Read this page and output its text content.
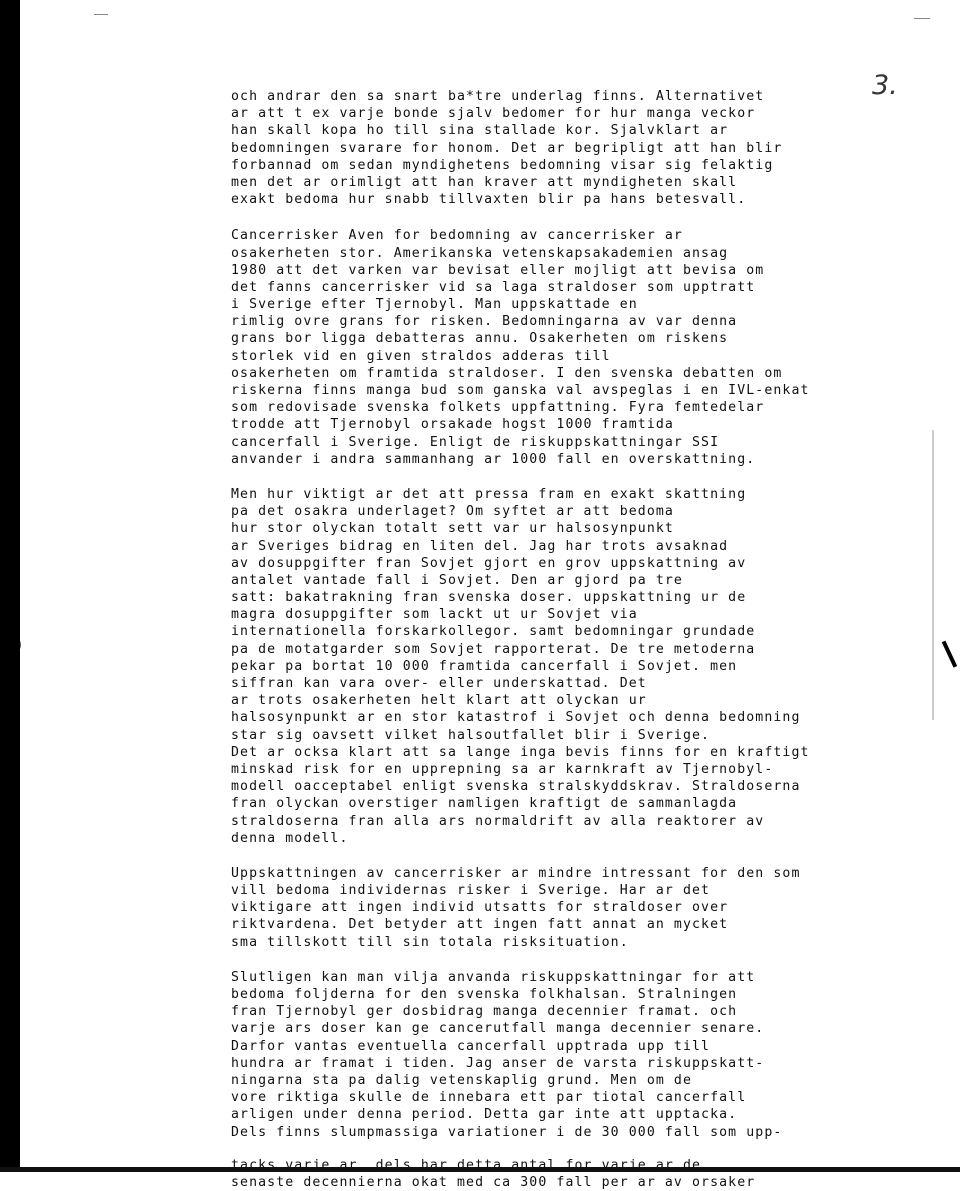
3.
och andrar den sa snart ba*tre underlag finns. Alternativet
ar att t ex varje bonde sjalv bedomer for hur manga veckor
han skall kopa ho till sina stallade kor. Sjalvklart ar
bedomningen svarare for honom. Det ar begripligt att han blir
forbannad om sedan myndighetens bedomning visar sig felaktig
men det ar orimligt att han kraver att myndigheten skall
exakt bedoma hur snabb tillvaxten blir pa hans betesvall.
Cancerrisker Aven for bedomning av cancerrisker ar
osakerheten stor. Amerikanska vetenskapsakademien ansag
1980 att det varken var bevisat eller mojligt att bevisa om
det fanns cancerrisker vid sa laga straldoser som upptratt
i Sverige efter Tjernobyl. Man uppskattade en
rimlig ovre grans for risken. Bedomningarna av var denna
grans bor ligga debatteras annu. Osakerheten om riskens
storlek vid en given straldos adderas till
osakerheten om framtida straldoser. I den svenska debatten om
riskerna finns manga bud som ganska val avspeglas i en IVL-enkat
som redovisade svenska folkets uppfattning. Fyra femtedelar
trodde att Tjernobyl orsakade hogst 1000 framtida
cancerfall i Sverige. Enligt de riskuppskattningar SSI
anvander i andra sammanhang ar 1000 fall en overskattning.
Men hur viktigt ar det att pressa fram en exakt skattning
pa det osakra underlaget? Om syftet ar att bedoma
hur stor olyckan totalt sett var ur halsosynpunkt
ar Sveriges bidrag en liten del. Jag har trots avsaknad
av dosuppgifter fran Sovjet gjort en grov uppskattning av
antalet vantade fall i Sovjet. Den ar gjord pa tre
satt: bakatrakning fran svenska doser. uppskattning ur de
magra dosuppgifter som lackt ut ur Sovjet via
internationella forskarkollegor. samt bedomningar grundade
pa de motatgarder som Sovjet rapporterat. De tre metoderna
pekar pa bortat 10 000 framtida cancerfall i Sovjet. men
siffran kan vara over- eller underskattad. Det
ar trots osakerheten helt klart att olyckan ur
halsosynpunkt ar en stor katastrof i Sovjet och denna bedomning
star sig oavsett vilket halsoutfallet blir i Sverige.
Det ar ocksa klart att sa lange inga bevis finns for en kraftigt
minskad risk for en upprepning sa ar karnkraft av Tjernobyl-
modell oacceptabel enligt svenska stralskyddskrav. Straldoserna
fran olyckan overstiger namligen kraftigt de sammanlagda
straldoserna fran alla ars normaldrift av alla reaktorer av
denna modell.
Uppskattningen av cancerrisker ar mindre intressant for den som
vill bedoma individernas risker i Sverige. Har ar det
viktigare att ingen individ utsatts for straldoser over
riktvardena. Det betyder att ingen fatt annat an mycket
sma tillskott till sin totala risksituation.
Slutligen kan man vilja anvanda riskuppskattningar for att
bedoma foljderna for den svenska folkhalsan. Stralningen
fran Tjernobyl ger dosbidrag manga decennier framat. och
varje ars doser kan ge cancerutfall manga decennier senare.
Darfor vantas eventuella cancerfall upptrada upp till
hundra ar framat i tiden. Jag anser de varsta riskuppskatt-
ningarna sta pa dalig vetenskaplig grund. Men om de
vore riktiga skulle de innebara ett par tiotal cancerfall
arligen under denna period. Detta gar inte att upptacka.
Dels finns slumpmassiga variationer i de 30 000 fall som upp-
tacks varje ar. dels har detta antal for varje ar de
senaste decennierna okat med ca 300 fall per ar av orsaker
